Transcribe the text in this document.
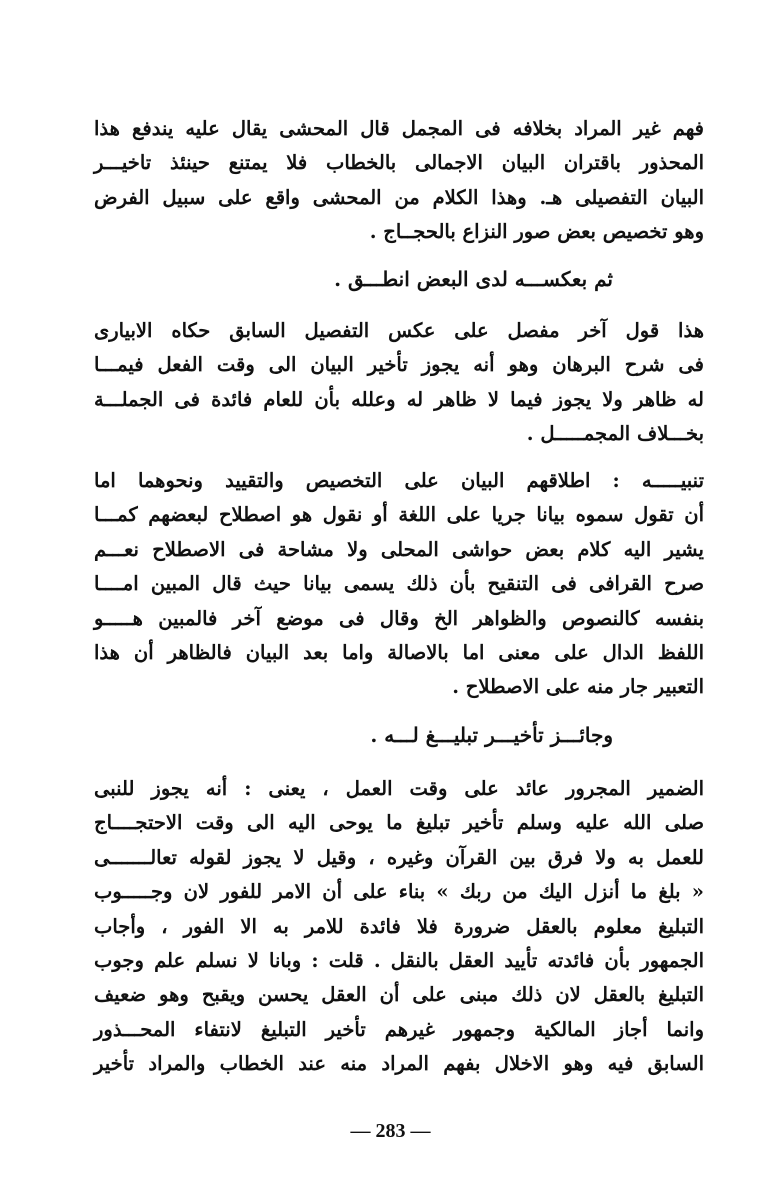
فهم غير المراد بخلافه فى المجمل قال المحشى يقال عليه يندفع هذا
المحذور باقتران البيان الاجمالى بالخطاب فلا يمتنع حينئذ تاخيـــر
البيان التفصيلى هـ. وهذا الكلام من المحشى واقع على سبيل الفرض
وهو تخصيص بعض صور النزاع بالحجــاج .
ثم بعكســـه لدى البعض انطـــق .
هذا قول آخر مفصل على عكس التفصيل السابق حكاه الابيارى
فى شرح البرهان وهو أنه يجوز تأخير البيان الى وقت الفعل فيمـــا
له ظاهر ولا يجوز فيما لا ظاهر له وعلله بأن للعام فائدة فى الجملـــة
بخـــلاف المجمـــــل .
تنبيـــــه : اطلاقهم البيان على التخصيص والتقييد ونحوهما اما
أن تقول سموه بيانا جريا على اللغة أو نقول هو اصطلاح لبعضهم كمـــا
يشير اليه كلام بعض حواشى المحلى ولا مشاحة فى الاصطلاح نعـــم
صرح القرافى فى التنقيح بأن ذلك يسمى بيانا حيث قال المبين امــــا
بنفسه كالنصوص والظواهر الخ وقال فى موضع آخر فالمبين هـــــو
اللفظ الدال على معنى اما بالاصالة واما بعد البيان فالظاهر أن هذا
التعبير جار منه على الاصطلاح .
وجائـــز تأخيـــر تبليـــغ لـــه .
الضمير المجرور عائد على وقت العمل ، يعنى : أنه يجوز للنبى
صلى الله عليه وسلم تأخير تبليغ ما يوحى اليه الى وقت الاحتجــــاج
للعمل به ولا فرق بين القرآن وغيره ، وقيل لا يجوز لقوله تعالـــــــى
« بلغ ما أنزل اليك من ربك » بناء على أن الامر للفور لان وجـــــوب
التبليغ معلوم بالعقل ضرورة فلا فائدة للامر به الا الفور ، وأجاب
الجمهور بأن فائدته تأييد العقل بالنقل . قلت : وبانا لا نسلم علم وجوب
التبليغ بالعقل لان ذلك مبنى على أن العقل يحسن ويقبح وهو ضعيف
وانما أجاز المالكية وجمهور غيرهم تأخير التبليغ لانتفاء المحـــذور
السابق فيه وهو الاخلال بفهم المراد منه عند الخطاب والمراد تأخير
— 283 —
